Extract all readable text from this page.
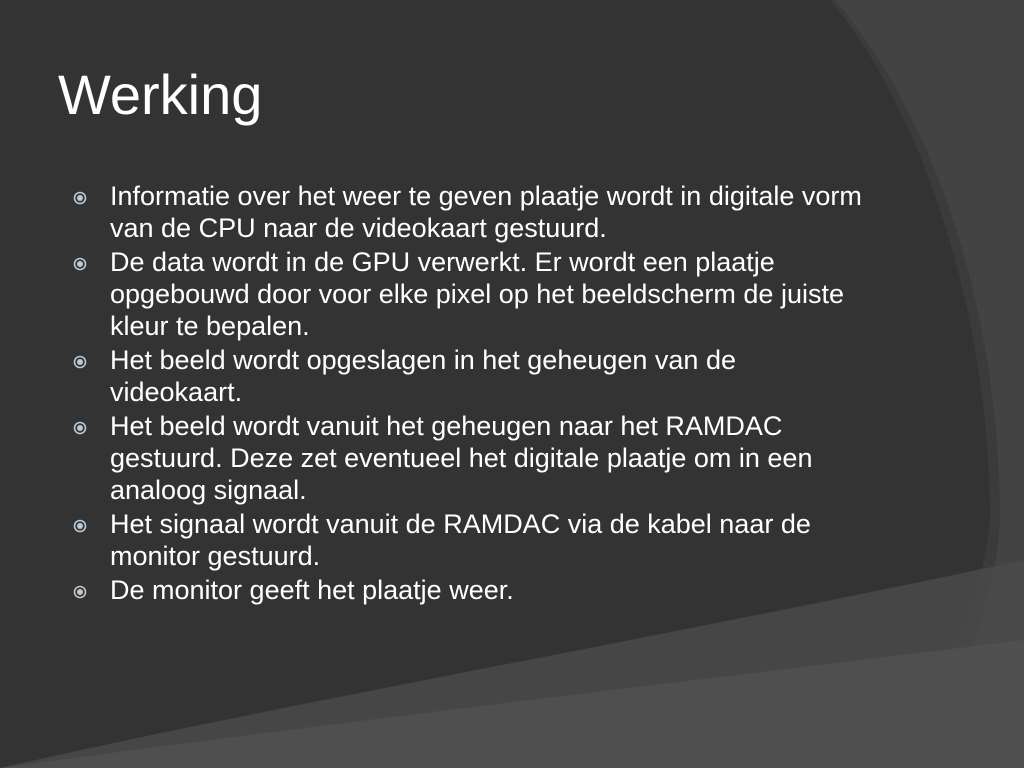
Werking
Informatie over het weer te geven plaatje wordt in digitale vorm van de CPU naar de videokaart gestuurd.
De data wordt in de GPU verwerkt. Er wordt een plaatje opgebouwd door voor elke pixel op het beeldscherm de juiste kleur te bepalen.
Het beeld wordt opgeslagen in het geheugen van de videokaart.
Het beeld wordt vanuit het geheugen naar het RAMDAC gestuurd. Deze zet eventueel het digitale plaatje om in een analoog signaal.
Het signaal wordt vanuit de RAMDAC via de kabel naar de monitor gestuurd.
De monitor geeft het plaatje weer.
